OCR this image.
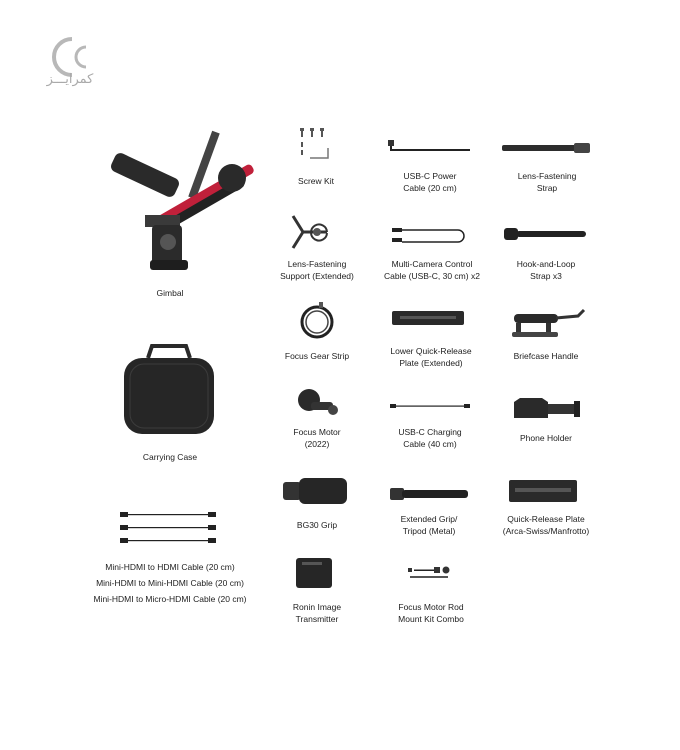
کمرایـــز
Gimbal
Screw Kit	USB-C Power
Cable (20 cm)
Lens-Fastening
Strap
Lens-Fastening
Support (Extended)
Multi-Camera Control
Cable (USB-C, 30 cm) x2
Hook-and-Loop
Strap x3
Focus Gear Strip	Lower Quick-Release
Plate (Extended)
Briefcase Handle
Carrying Case
Focus Motor
(2022)
USB-C Charging
Cable (40 cm)
Phone Holder
BG30 Grip
Extended Grip/
Tripod (Metal)
Quick-Release Plate
(Arca-Swiss/Manfrotto)
Mini-HDMI to HDMI Cable (20 cm)
Mini-HDMI to Mini-HDMI Cable (20 cm)
Mini-HDMI to Micro-HDMI Cable (20 cm)
Ronin Image
Transmitter
Focus Motor Rod
Mount Kit Combo
